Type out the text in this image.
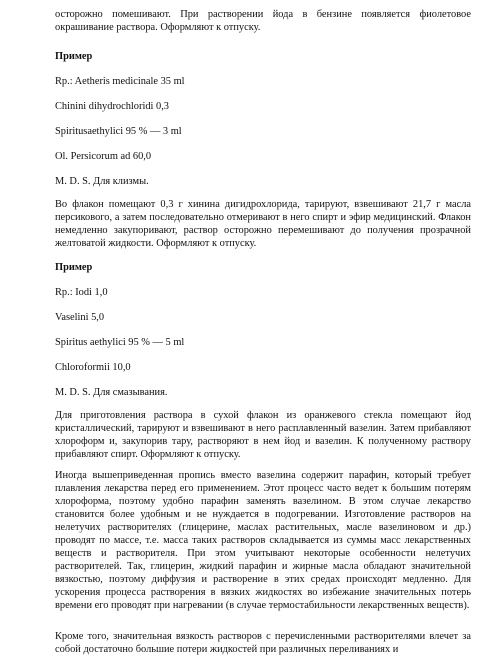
осторожно помешивают. При растворении йода в бензине появляется фиолетовое окрашивание раствора. Оформляют к отпуску.

Пример

Rp.: Aetheris medicinale 35 ml

Chinini dihydrochloridi 0,3

Spiritusaethylici 95 % — 3 ml

Ol. Persicorum ad 60,0

M. D. S. Для клизмы.

Во флакон помещают 0,3 г хинина дигидрохлорида, тарируют, взвешивают 21,7 г масла персикового, а затем последовательно отмеривают в него спирт и эфир медицинский. Флакон немедленно закупоривают, раствор осторожно перемешивают до получения прозрачной желтоватой жидкости. Оформляют к отпуску.

Пример

Rp.: Iodi 1,0

Vaselini 5,0

Spiritus aethylici 95 % — 5 ml

Chloroformii 10,0

M. D. S. Для смазывания.

Для приготовления раствора в сухой флакон из оранжевого стекла помещают йод кристаллический, тарируют и взвешивают в него расплавленный вазелин. Затем прибавляют хлороформ и, закупорив тару, растворяют в нем йод и вазелин. К полученному раствору прибавляют спирт. Оформляют к отпуску.

Иногда вышеприведенная пропись вместо вазелина содержит парафин, который требует плавления лекарства перед его применением. Этот процесс часто ведет к большим потерям хлороформа, поэтому удобно парафин заменять вазелином. В этом случае лекарство становится более удобным и не нуждается в подогревании. Изготовление растворов на нелетучих растворителях (глицерине, маслах растительных, масле вазелиновом и др.) проводят по массе, т.е. масса таких растворов складывается из суммы масс лекарственных веществ и растворителя. При этом учитывают некоторые особенности нелетучих растворителей. Так, глицерин, жидкий парафин и жирные масла обладают значительной вязкостью, поэтому диффузия и растворение в этих средах происходят медленно. Для ускорения процесса растворения в вязких жидкостях во избежание значительных потерь времени его проводят при нагревании (в случае термостабильности лекарственных веществ).

Кроме того, значительная вязкость растворов с перечисленными растворителями влечет за собой достаточно большие потери жидкостей при различных переливаниях и
